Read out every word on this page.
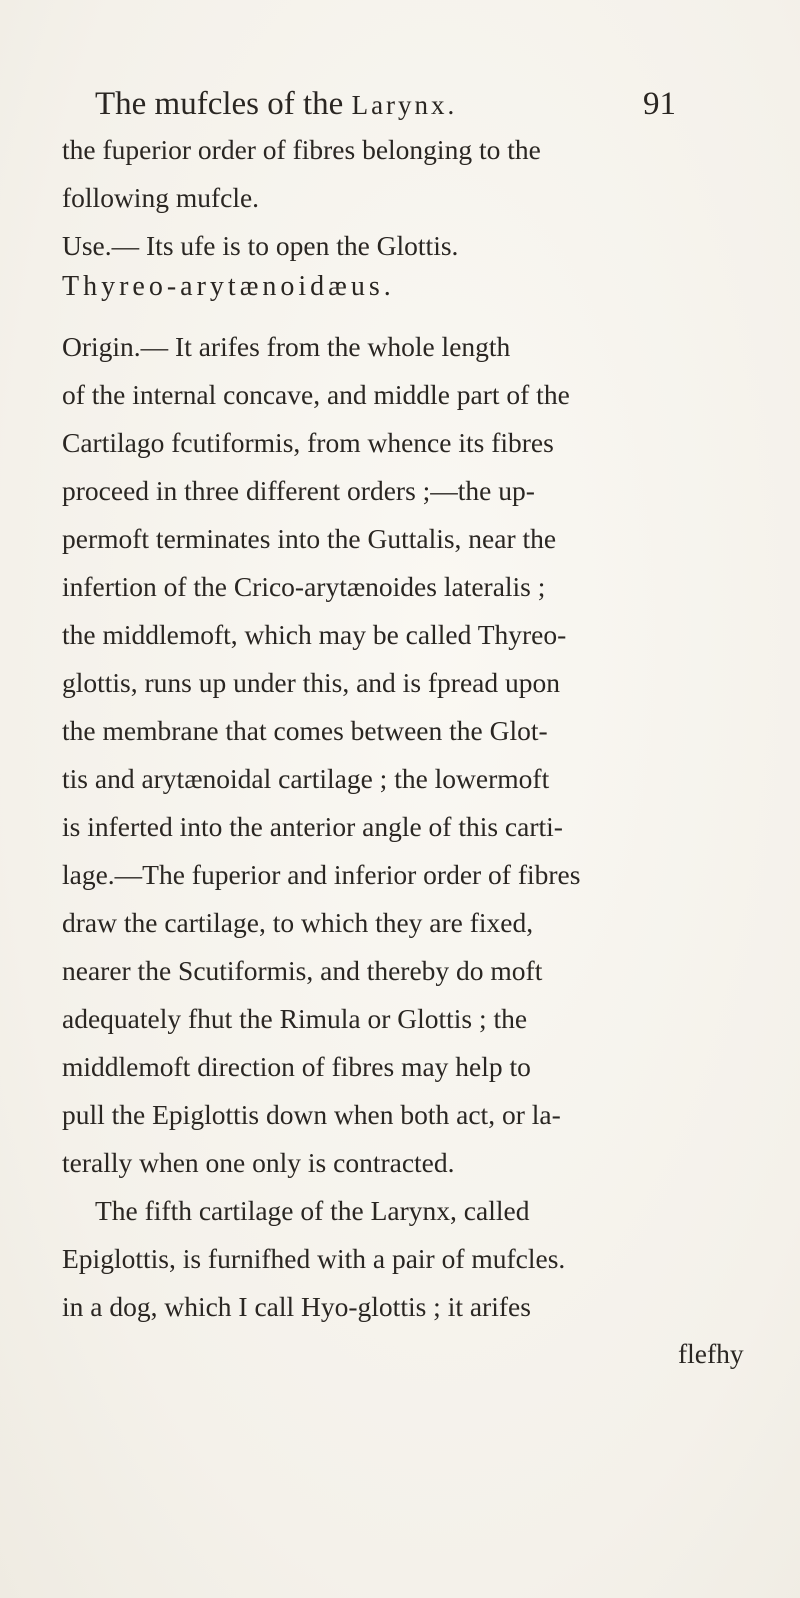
The mufcles of the Larynx.	91
the fuperior order of fibres belonging to the
following mufcle.
Use.— Its ufe is to open the Glottis.
Thyreo-arytænoidæus.
Origin.— It arifes from the whole length
of the internal concave, and middle part of the
Cartilago fcutiformis, from whence its fibres
proceed in three different orders ;—the up-
permoft terminates into the Guttalis, near the
infertion of the Crico-arytænoides lateralis ;
the middlemoft, which may be called Thyreo-
glottis, runs up under this, and is fpread upon
the membrane that comes between the Glot-
tis and arytænoidal cartilage ; the lowermoft
is inferted into the anterior angle of this carti-
lage.—The fuperior and inferior order of fibres
draw the cartilage, to which they are fixed,
nearer the Scutiformis, and thereby do moft
adequately fhut the Rimula or Glottis ; the
middlemoft direction of fibres may help to
pull the Epiglottis down when both act, or la-
terally when one only is contracted.
The fifth cartilage of the Larynx, called
Epiglottis, is furnifhed with a pair of mufcles.
in a dog, which I call Hyo-glottis ; it arifes
flefhy
